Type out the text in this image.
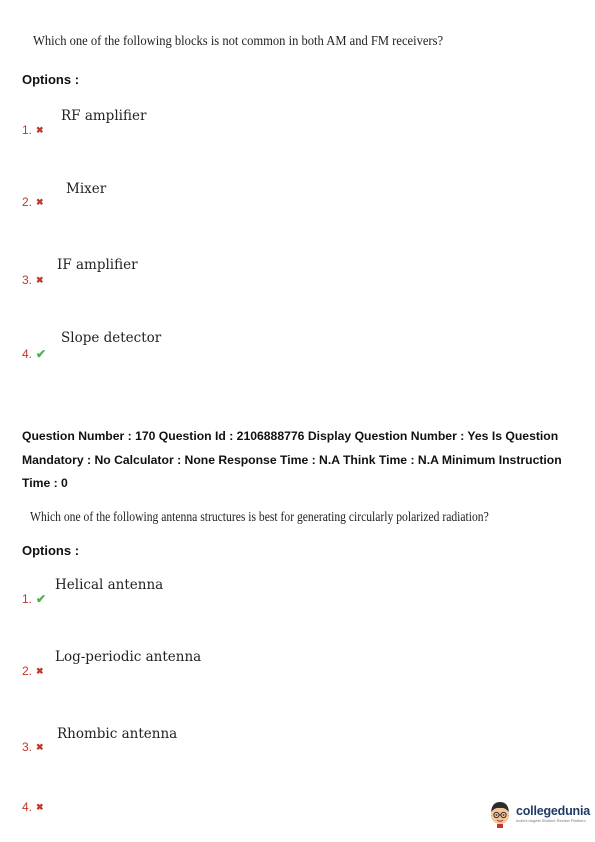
Which one of the following blocks is not common in both AM and FM receivers?
Options :
RF amplifier
1. ✖
Mixer
2. ✖
IF amplifier
3. ✖
Slope detector
4. ✔
Question Number : 170 Question Id : 2106888776 Display Question Number : Yes Is Question Mandatory : No Calculator : None Response Time : N.A Think Time : N.A Minimum Instruction Time : 0
Which one of the following antenna structures is best for generating circularly polarized radiation?
Options :
Helical antenna
1. ✔
Log-periodic antenna
2. ✖
Rhombic antenna
3. ✖
4. ✖	collegedunia
India's largest Student Review Platform
